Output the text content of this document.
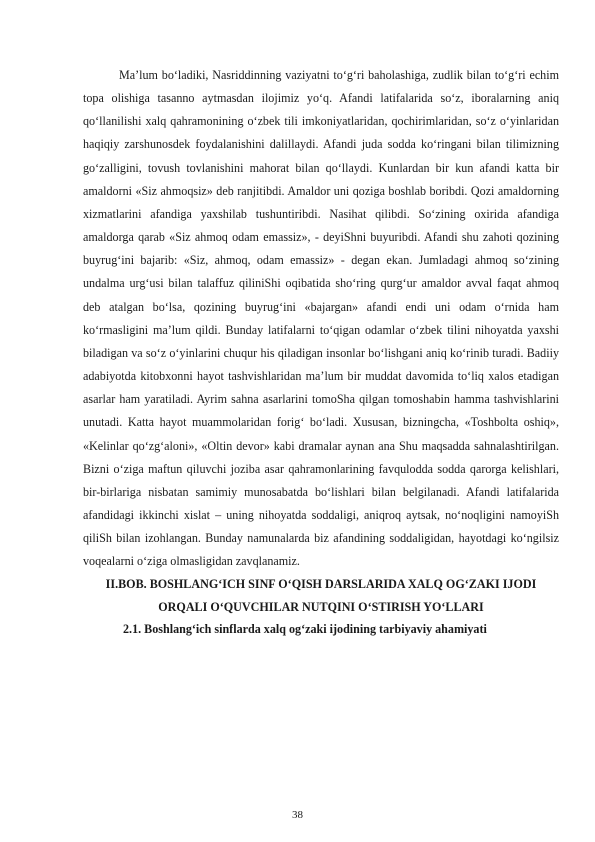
Ma’lum bo‘ladiki, Nasriddinning vaziyatni to‘g‘ri baholashiga, zudlik bilan to‘g‘ri echim topa olishiga tasanno aytmasdan ilojimiz yo‘q. Afandi latifalarida so‘z, iboralarning aniq qo‘llanilishi xalq qahramonining o‘zbek tili imkoniyatlaridan, qochirimlaridan, so‘z o‘yinlaridan haqiqiy zarshunosdek foydalanishini dalillaydi. Afandi juda sodda ko‘ringani bilan tilimizning go‘zalligini, tovush tovlanishini mahorat bilan qo‘llaydi. Kunlardan bir kun afandi katta bir amaldorni «Siz ahmoqsiz» deb ranjitibdi. Amaldor uni qoziga boshlab boribdi. Qozi amaldorning xizmatlarini afandiga yaxshilab tushuntiribdi. Nasihat qilibdi. So‘zining oxirida afandiga amaldorga qarab «Siz ahmoq odam emassiz», - deyiShni buyuribdi. Afandi shu zahoti qozining buyrug‘ini bajarib: «Siz, ahmoq, odam emassiz» - degan ekan. Jumladagi ahmoq so‘zining undalma urg‘usi bilan talaffuz qiliniShi oqibatida sho‘ring qurg‘ur amaldor avval faqat ahmoq deb atalgan bo‘lsa, qozining buyrug‘ini «bajargan» afandi endi uni odam o‘rnida ham ko‘rmasligini ma’lum qildi. Bunday latifalarni to‘qigan odamlar o‘zbek tilini nihoyatda yaxshi biladigan va so‘z o‘yinlarini chuqur his qiladigan insonlar bo‘lishgani aniq ko‘rinib turadi. Badiiy adabiyotda kitobxonni hayot tashvishlaridan ma’lum bir muddat davomida to‘liq xalos etadigan asarlar ham yaratiladi. Ayrim sahna asarlarini tomoSha qilgan tomoshabin hamma tashvishlarini unutadi. Katta hayot muammolaridan forig‘ bo‘ladi. Xususan, bizningcha, «Toshbolta oshiq», «Kelinlar qo‘zg‘aloni», «Oltin devor» kabi dramalar aynan ana Shu maqsadda sahnalashtirilgan. Bizni o‘ziga maftun qiluvchi joziba asar qahramonlarining favqulodda sodda qarorga kelishlari, bir-birlariga nisbatan samimiy munosabatda bo‘lishlari bilan belgilanadi. Afandi latifalarida afandidagi ikkinchi xislat – uning nihoyatda soddaligi, aniqroq aytsak, no‘noqligini namoyiSh qiliSh bilan izohlangan. Bunday namunalarda biz afandining soddaligidan, hayotdagi ko‘ngilsiz voqealarni o‘ziga olmasligidan zavqlanamiz.

II.BOB. BOSHLANG‘ICH SINF O‘QISH DARSLARIDA XALQ OG‘ZAKI IJODI ORQALI O‘QUVCHILAR NUTQINI O‘STIRISH YO‘LLARI

2.1. Boshlang‘ich sinflarda xalq og‘zaki ijodining tarbiyaviy ahamiyati

38
